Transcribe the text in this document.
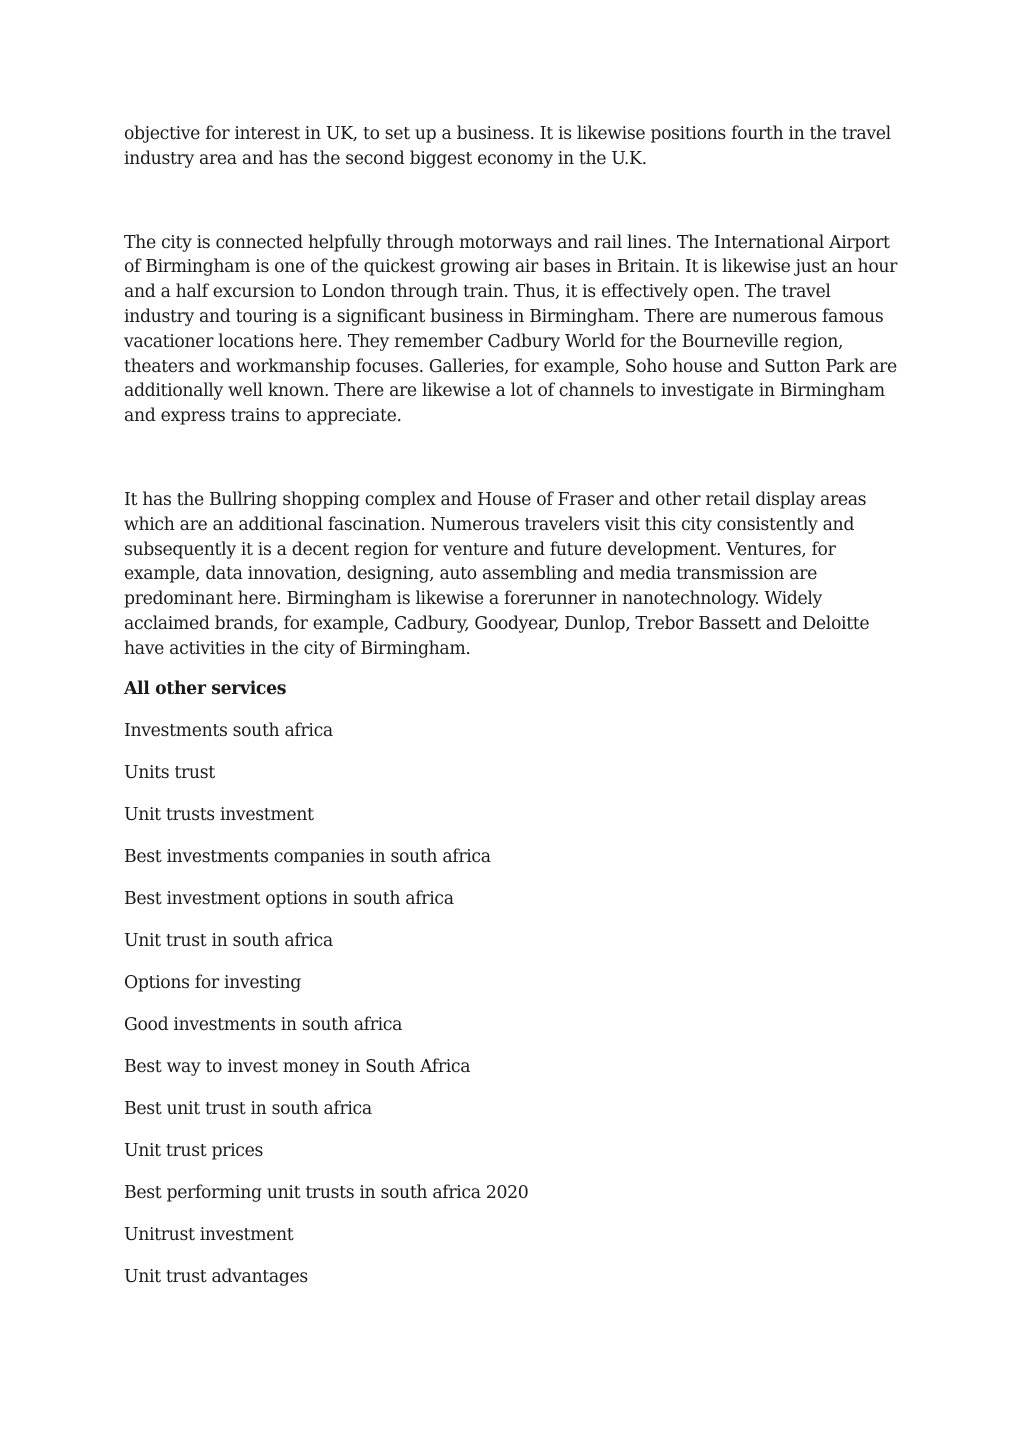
objective for interest in UK, to set up a business. It is likewise positions fourth in the travel industry area and has the second biggest economy in the U.K.

The city is connected helpfully through motorways and rail lines. The International Airport of Birmingham is one of the quickest growing air bases in Britain. It is likewise just an hour and a half excursion to London through train. Thus, it is effectively open. The travel industry and touring is a significant business in Birmingham. There are numerous famous vacationer locations here. They remember Cadbury World for the Bourneville region, theaters and workmanship focuses. Galleries, for example, Soho house and Sutton Park are additionally well known. There are likewise a lot of channels to investigate in Birmingham and express trains to appreciate.

It has the Bullring shopping complex and House of Fraser and other retail display areas which are an additional fascination. Numerous travelers visit this city consistently and subsequently it is a decent region for venture and future development. Ventures, for example, data innovation, designing, auto assembling and media transmission are predominant here. Birmingham is likewise a forerunner in nanotechnology. Widely acclaimed brands, for example, Cadbury, Goodyear, Dunlop, Trebor Bassett and Deloitte have activities in the city of Birmingham.

All other services
Investments south africa
Units trust
Unit trusts investment
Best investments companies in south africa
Best investment options in south africa
Unit trust in south africa
Options for investing
Good investments in south africa
Best way to invest money in South Africa
Best unit trust in south africa
Unit trust prices
Best performing unit trusts in south africa 2020
Unitrust investment
Unit trust advantages
